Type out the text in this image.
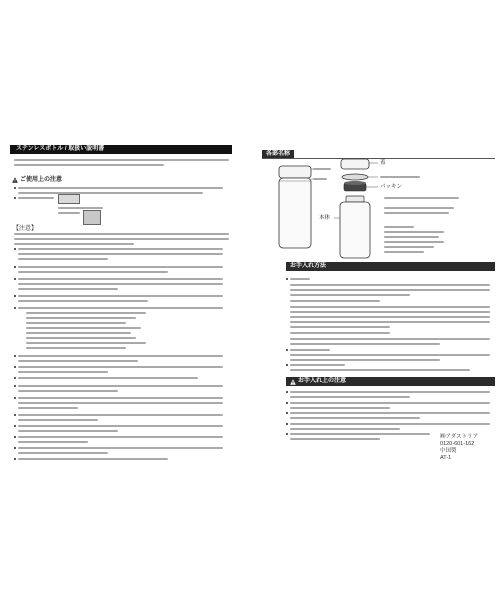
ステンレスボトル / 取扱い説明書
ご使用上の注意
【注意】
各部名称
蓋
パッキン
本体
お手入れ方法
お手入れ上の注意
㈱アダストリア
0120-601-162
中国製
AT-1
